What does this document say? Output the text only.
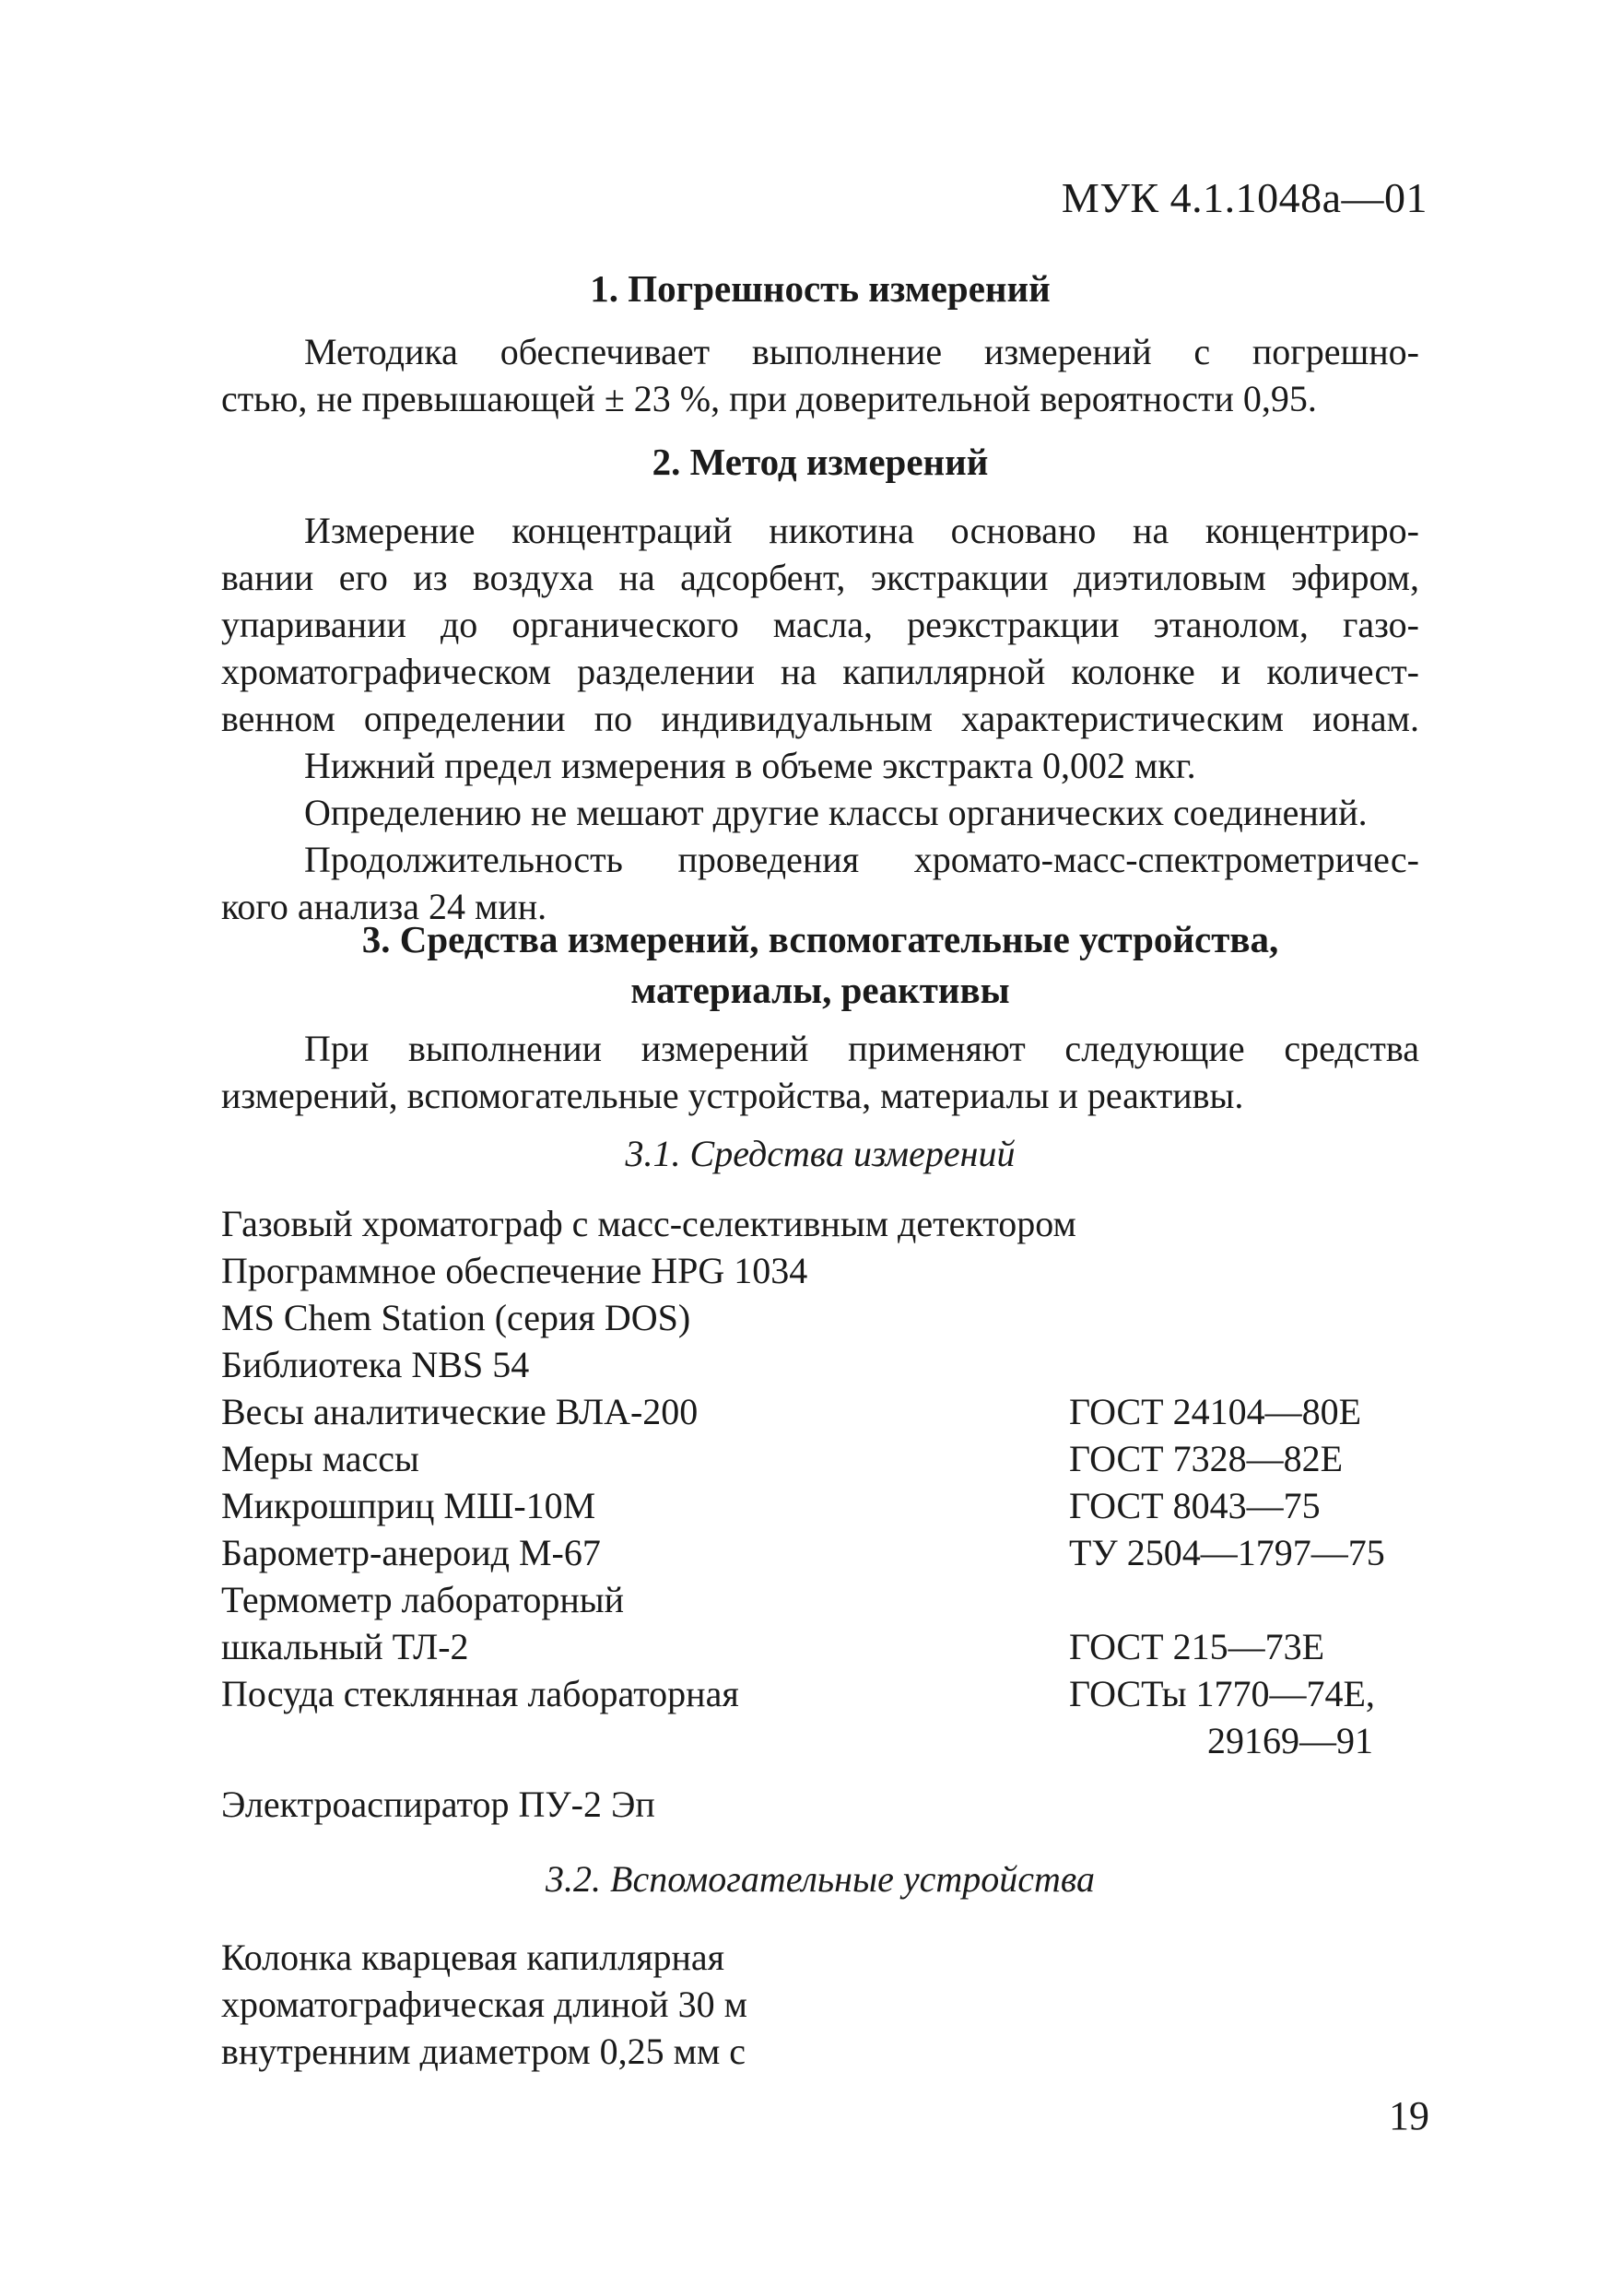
МУК 4.1.1048а—01
1. Погрешность измерений
Методика обеспечивает выполнение измерений с погрешно-
стью, не превышающей ± 23 %, при доверительной вероятности 0,95.
2. Метод измерений
Измерение концентраций никотина основано на концентриро-
вании его из воздуха на адсорбент, экстракции диэтиловым эфиром,
упаривании до органического масла, реэкстракции этанолом, газо-
хроматографическом разделении на капиллярной колонке и количест-
венном определении по индивидуальным характеристическим ионам.
Нижний предел измерения в объеме экстракта 0,002 мкг.
Определению не мешают другие классы органических соединений.
Продолжительность проведения хромато-масс-спектрометричес-
кого анализа 24 мин.
3. Средства измерений, вспомогательные устройства,
материалы, реактивы
При выполнении измерений применяют следующие средства
измерений, вспомогательные устройства, материалы и реактивы.
3.1. Средства измерений
Газовый хроматограф с масс-селективным детектором
Программное обеспечение HPG 1034
MS Chem Station (серия DOS)
Библиотека NBS 54
Весы аналитические ВЛА-200	ГОСТ 24104—80Е
Меры массы	ГОСТ 7328—82Е
Микрошприц МШ-10М	ГОСТ 8043—75
Барометр-анероид М-67	ТУ 2504—1797—75
Термометр лабораторный
шкальный ТЛ-2	ГОСТ 215—73Е
Посуда стеклянная лабораторная	ГОСТы 1770—74Е,
29169—91
Электроаспиратор ПУ-2 Эп
3.2. Вспомогательные устройства
Колонка кварцевая капиллярная
хроматографическая длиной 30 м
внутренним диаметром 0,25 мм с
19
